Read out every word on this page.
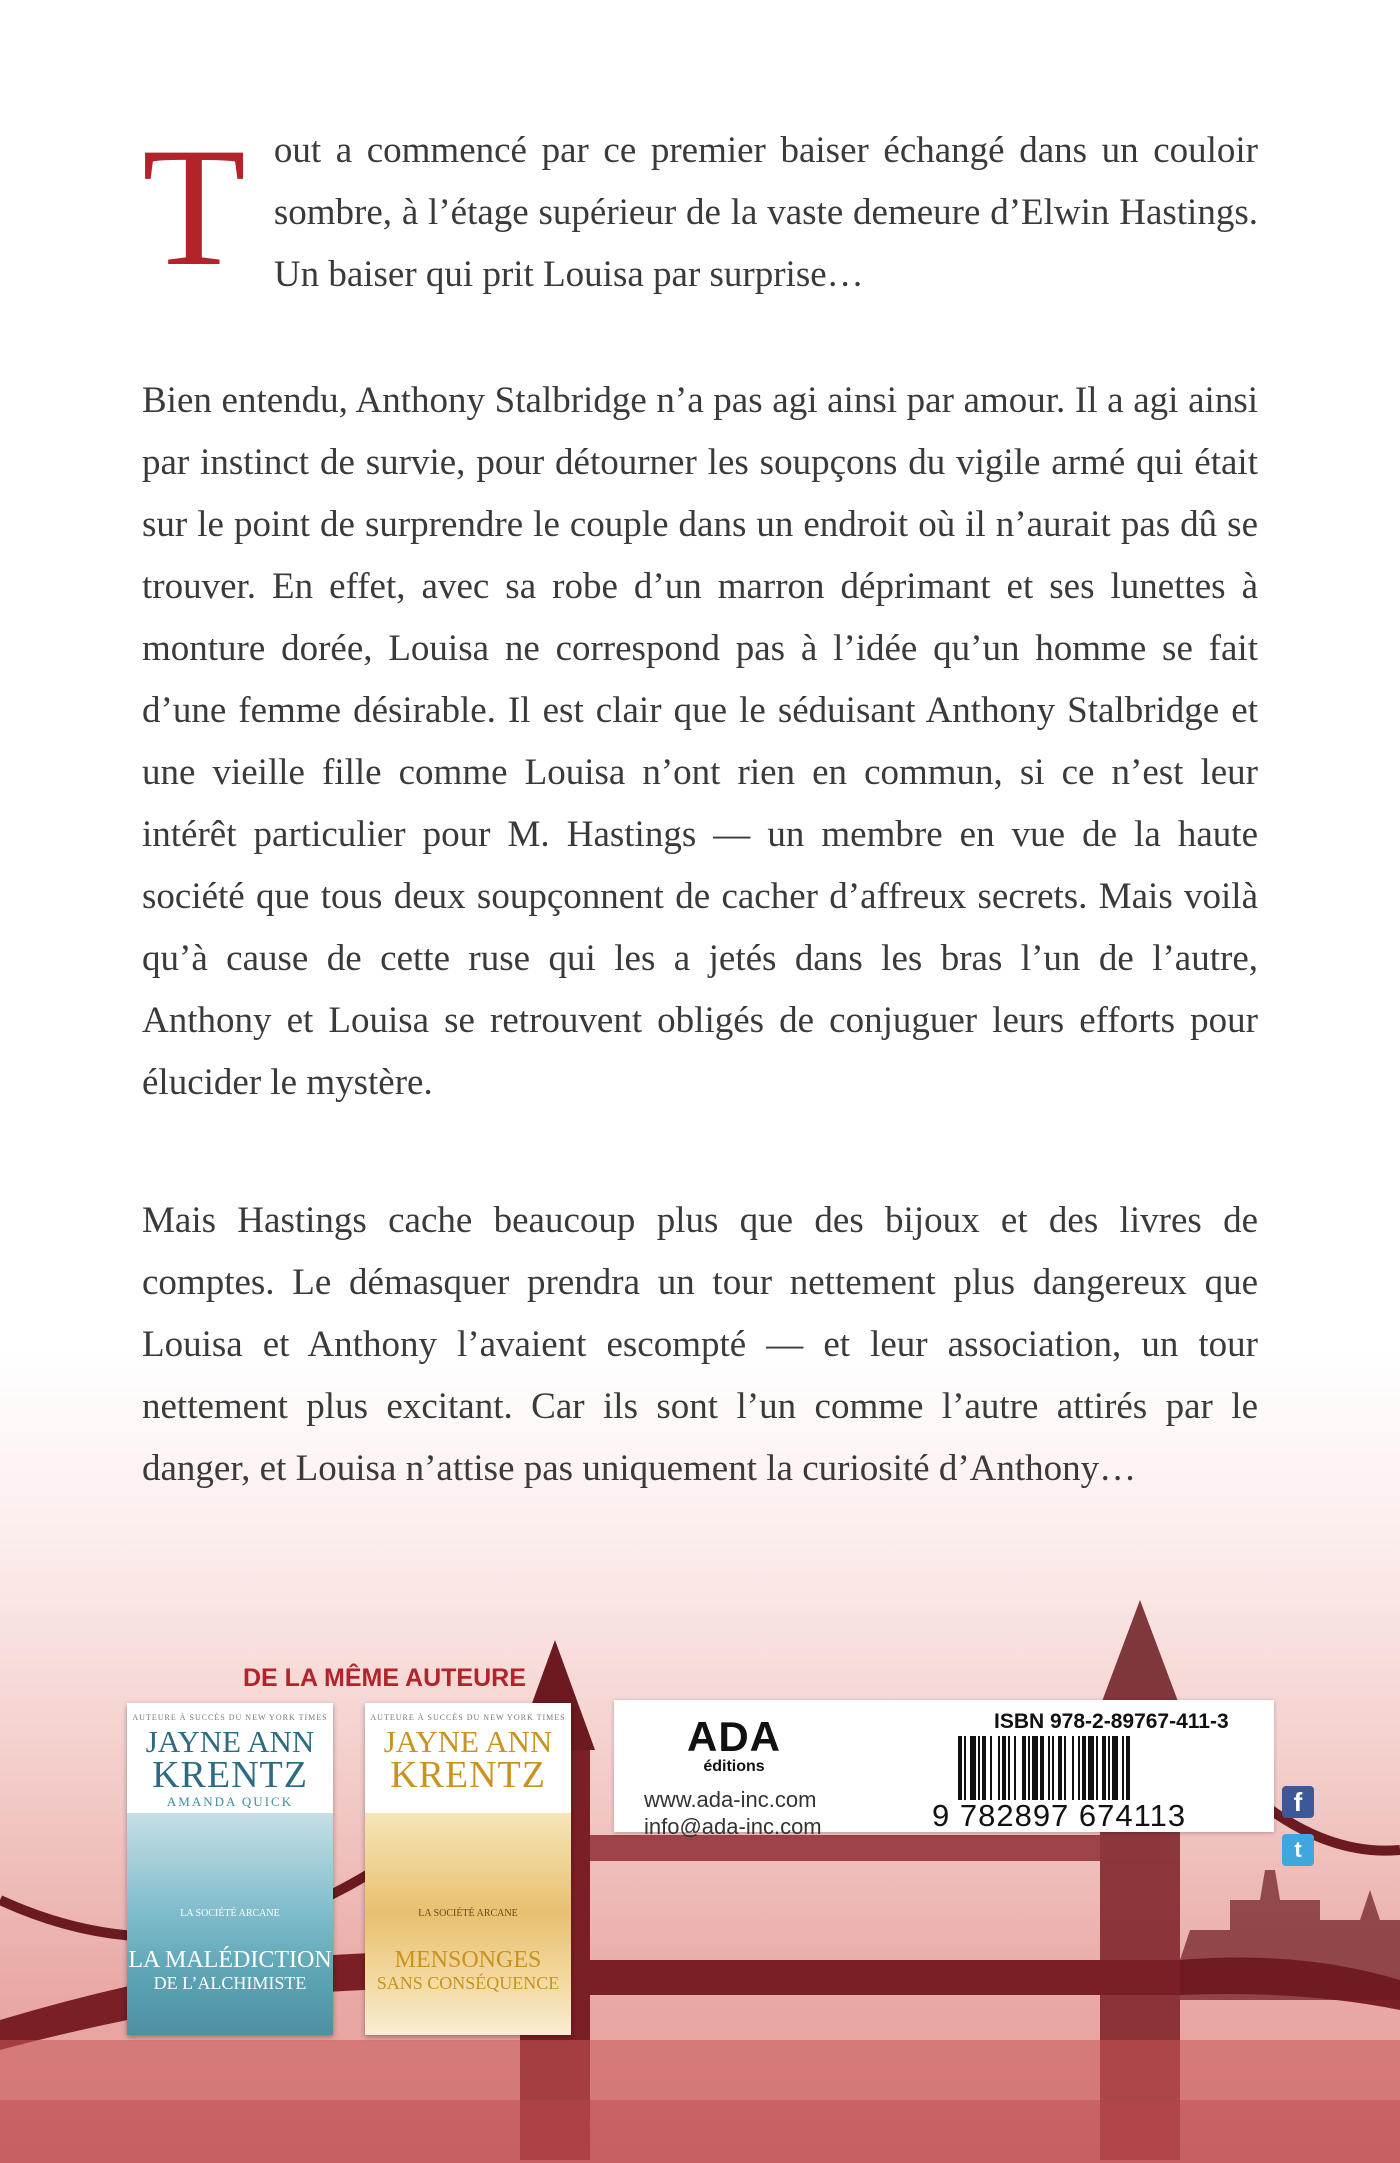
T out a commencé par ce premier baiser échangé dans un couloir sombre, à l’étage supérieur de la vaste demeure d’Elwin Hastings. Un baiser qui prit Louisa par surprise…
Bien entendu, Anthony Stalbridge n’a pas agi ainsi par amour. Il a agi ainsi par instinct de survie, pour détourner les soupçons du vigile armé qui était sur le point de surprendre le couple dans un endroit où il n’aurait pas dû se trouver. En effet, avec sa robe d’un marron déprimant et ses lunettes à monture dorée, Louisa ne correspond pas à l’idée qu’un homme se fait d’une femme désirable. Il est clair que le séduisant Anthony Stalbridge et une vieille fille comme Louisa n’ont rien en commun, si ce n’est leur intérêt particulier pour M. Hastings — un membre en vue de la haute société que tous deux soupçonnent de cacher d’affreux secrets. Mais voilà qu’à cause de cette ruse qui les a jetés dans les bras l’un de l’autre, Anthony et Louisa se retrouvent obligés de conjuguer leurs efforts pour élucider le mystère.
Mais Hastings cache beaucoup plus que des bijoux et des livres de comptes. Le démasquer prendra un tour nettement plus dangereux que Louisa et Anthony l’avaient escompté — et leur association, un tour nettement plus excitant. Car ils sont l’un comme l’autre attirés par le danger, et Louisa n’attise pas uniquement la curiosité d’Anthony…
DE LA MÊME AUTEURE
AUTEURE À SUCCÈS DU NEW YORK TIMES
JAYNE ANN
KRENTZ
AMANDA QUICK
LA SOCIÉTÉ ARCANE
LA MALÉDICTION
DE L’ALCHIMISTE
AUTEURE À SUCCÈS DU NEW YORK TIMES
JAYNE ANN
KRENTZ
LA SOCIÉTÉ ARCANE
MENSONGES
SANS CONSÉQUENCE
ADA
éditions
www.ada-inc.com
info@ada-inc.com
ISBN 978-2-89767-411-3
9 782897 674113	f
t
